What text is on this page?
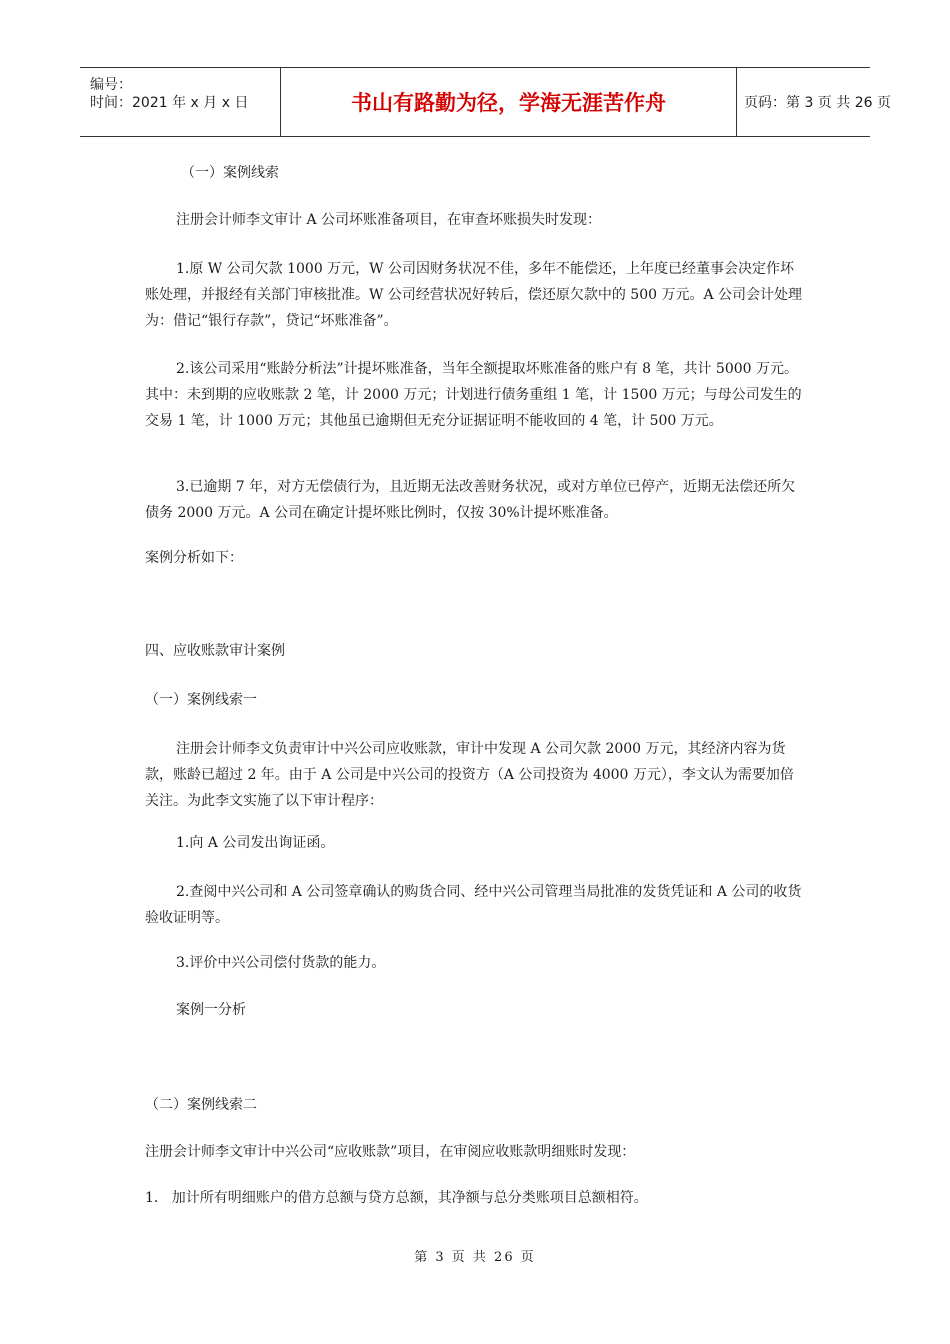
编号：
时间：2021 年 x 月 x 日	书山有路勤为径，学海无涯苦作舟	页码：第 3 页 共 26 页
（一）案例线索
注册会计师李文审计 A 公司坏账准备项目，在审查坏账损失时发现：
1.原 W 公司欠款 1000 万元，W 公司因财务状况不佳，多年不能偿还，上年度已经董事会决定作坏账处理，并报经有关部门审核批准。W 公司经营状况好转后，偿还原欠款中的 500 万元。A 公司会计处理为：借记“银行存款”，贷记“坏账准备”。
2.该公司采用“账龄分析法”计提坏账准备，当年全额提取坏账准备的账户有 8 笔，共计 5000 万元。其中：未到期的应收账款 2 笔，计 2000 万元；计划进行债务重组 1 笔，计 1500 万元；与母公司发生的交易 1 笔，计 1000 万元；其他虽已逾期但无充分证据证明不能收回的 4 笔，计 500 万元。
3.已逾期 7 年，对方无偿债行为，且近期无法改善财务状况，或对方单位已停产，近期无法偿还所欠债务 2000 万元。A 公司在确定计提坏账比例时，仅按 30%计提坏账准备。
案例分析如下：
四、应收账款审计案例
（一）案例线索一
注册会计师李文负责审计中兴公司应收账款，审计中发现 A 公司欠款 2000 万元，其经济内容为货款，账龄已超过 2 年。由于 A 公司是中兴公司的投资方（A 公司投资为 4000 万元），李文认为需要加倍关注。为此李文实施了以下审计程序：
1.向 A 公司发出询证函。
2.查阅中兴公司和 A 公司签章确认的购货合同、经中兴公司管理当局批准的发货凭证和 A 公司的收货验收证明等。
3.评价中兴公司偿付货款的能力。
案例一分析
（二）案例线索二
注册会计师李文审计中兴公司“应收账款”项目，在审阅应收账款明细账时发现：
1.   加计所有明细账户的借方总额与贷方总额，其净额与总分类账项目总额相符。
第 3 页 共 26 页
